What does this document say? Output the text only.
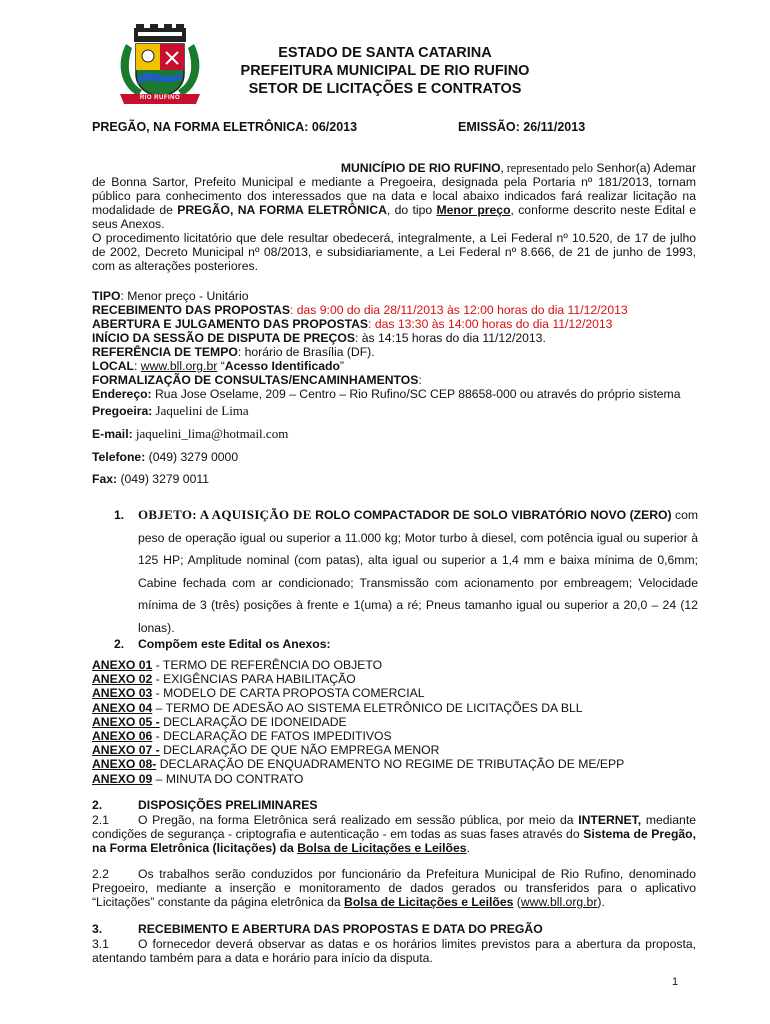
RIO RUFINO
ESTADO DE SANTA CATARINA
PREFEITURA MUNICIPAL DE RIO RUFINO
SETOR DE LICITAÇÕES E CONTRATOS
PREGÃO, NA FORMA ELETRÔNICA: 06/2013	EMISSÃO: 26/11/2013
MUNICÍPIO DE RIO RUFINO, representado pelo Senhor(a) Ademar

de Bonna Sartor, Prefeito Municipal e mediante a Pregoeira, designada pela Portaria nº 181/2013, tornam público para conhecimento dos interessados que na data e local abaixo indicados fará realizar licitação na modalidade de PREGÃO, NA FORMA ELETRÔNICA, do tipo Menor preço, conforme descrito neste Edital e seus Anexos.

O procedimento licitatório que dele resultar obedecerá, integralmente, a Lei Federal nº 10.520, de 17 de julho de 2002, Decreto Municipal nº 08/2013, e subsidiariamente, a Lei Federal nº 8.666, de 21 de junho de 1993, com as alterações posteriores.

TIPO: Menor preço - Unitário
RECEBIMENTO DAS PROPOSTAS: das 9:00 do dia 28/11/2013 às 12:00 horas do dia 11/12/2013
ABERTURA E JULGAMENTO DAS PROPOSTAS: das 13:30 às 14:00 horas do dia 11/12/2013
INÍCIO DA SESSÃO DE DISPUTA DE PREÇOS: às 14:15 horas do dia 11/12/2013.
REFERÊNCIA DE TEMPO: horário de Brasília (DF).
LOCAL: www.bll.org.br “Acesso Identificado”
FORMALIZAÇÃO DE CONSULTAS/ENCAMINHAMENTOS:
Endereço: Rua Jose Oselame, 209 – Centro – Rio Rufino/SC CEP 88658-000 ou através do próprio sistema
Pregoeira: Jaquelini de Lima
E-mail: jaquelini_lima@hotmail.com
Telefone: (049) 3279 0000
Fax: (049) 3279 0011
1. OBJETO: A AQUISIÇÃO DE ROLO COMPACTADOR DE SOLO VIBRATÓRIO NOVO (ZERO) com peso de operação igual ou superior a 11.000 kg; Motor turbo à diesel, com potência igual ou superior à 125 HP; Amplitude nominal (com patas), alta igual ou superior a 1,4 mm e baixa mínima de 0,6mm; Cabine fechada com ar condicionado; Transmissão com acionamento por embreagem; Velocidade mínima de 3 (três) posições à frente e 1(uma) a ré; Pneus tamanho igual ou superior a 20,0 – 24 (12 lonas).
2. Compõem este Edital os Anexos:
ANEXO 01 - TERMO DE REFERÊNCIA DO OBJETO
ANEXO 02 - EXIGÊNCIAS PARA HABILITAÇÃO
ANEXO 03 - MODELO DE CARTA PROPOSTA COMERCIAL
ANEXO 04 – TERMO DE ADESÃO AO SISTEMA ELETRÔNICO DE LICITAÇÕES DA BLL
ANEXO 05 - DECLARAÇÃO DE IDONEIDADE
ANEXO 06 - DECLARAÇÃO DE FATOS IMPEDITIVOS
ANEXO 07 - DECLARAÇÃO DE QUE NÃO EMPREGA MENOR
ANEXO 08- DECLARAÇÃO DE ENQUADRAMENTO NO REGIME DE TRIBUTAÇÃO DE ME/EPP
ANEXO 09 – MINUTA DO CONTRATO
2.	DISPOSIÇÕES PRELIMINARES
2.1 O Pregão, na forma Eletrônica será realizado em sessão pública, por meio da INTERNET, mediante condições de segurança - criptografia e autenticação - em todas as suas fases através do Sistema de Pregão, na Forma Eletrônica (licitações) da Bolsa de Licitações e Leilões.
2.2 Os trabalhos serão conduzidos por funcionário da Prefeitura Municipal de Rio Rufino, denominado Pregoeiro, mediante a inserção e monitoramento de dados gerados ou transferidos para o aplicativo “Licitações” constante da página eletrônica da Bolsa de Licitações e Leilões (www.bll.org.br).
3.	RECEBIMENTO E ABERTURA DAS PROPOSTAS E DATA DO PREGÃO
3.1 O fornecedor deverá observar as datas e os horários limites previstos para a abertura da proposta, atentando também para a data e horário para início da disputa.
1
